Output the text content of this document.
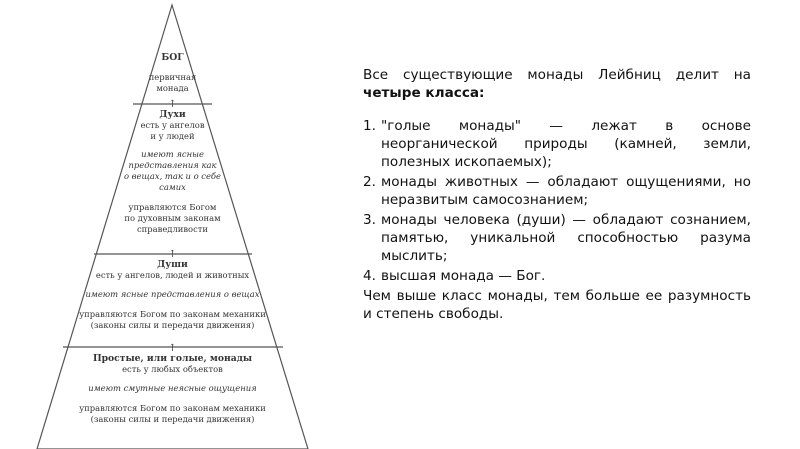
БОГ
первичная
монада
↑
Духи
есть у ангелов
и у людей
имеют ясные
представления как
о вещах, так и о себе
самих
управляются Богом
по духовным законам
справедливости
↑
Души
есть у ангелов, людей и животных
имеют ясные представления о вещах
управляются Богом по законам механики
(законы силы и передачи движения)
↑
Простые, или голые, монады
есть у любых объектов
имеют смутные неясные ощущения
управляются Богом по законам механики
(законы силы и передачи движения)

Все существующие монады Лейбниц делит на четыре класса:

1. "голые монады" — лежат в основе неорганической природы (камней, земли, полезных ископаемых);
2. монады животных — обладают ощущениями, но неразвитым самосознанием;
3. монады человека (души) — обладают сознанием, памятью, уникальной способностью разума мыслить;
4. высшая монада — Бог.

Чем выше класс монады, тем больше ее разумность и степень свободы.
